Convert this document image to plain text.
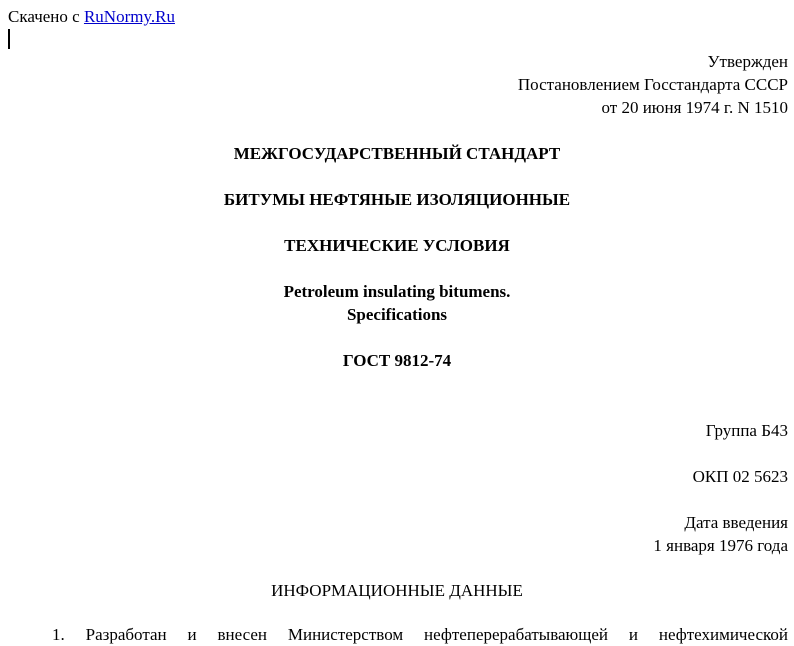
Скачено с RuNormy.Ru
Утвержден
Постановлением Госстандарта СССР
от 20 июня 1974 г. N 1510
МЕЖГОСУДАРСТВЕННЫЙ СТАНДАРТ
БИТУМЫ НЕФТЯНЫЕ ИЗОЛЯЦИОННЫЕ
ТЕХНИЧЕСКИЕ УСЛОВИЯ
Petroleum insulating bitumens.
Specifications
ГОСТ 9812-74
Группа Б43
ОКП 02 5623
Дата введения
1 января 1976 года
ИНФОРМАЦИОННЫЕ ДАННЫЕ
1. Разработан и внесен Министерством нефтеперерабатывающей и нефтехимической
